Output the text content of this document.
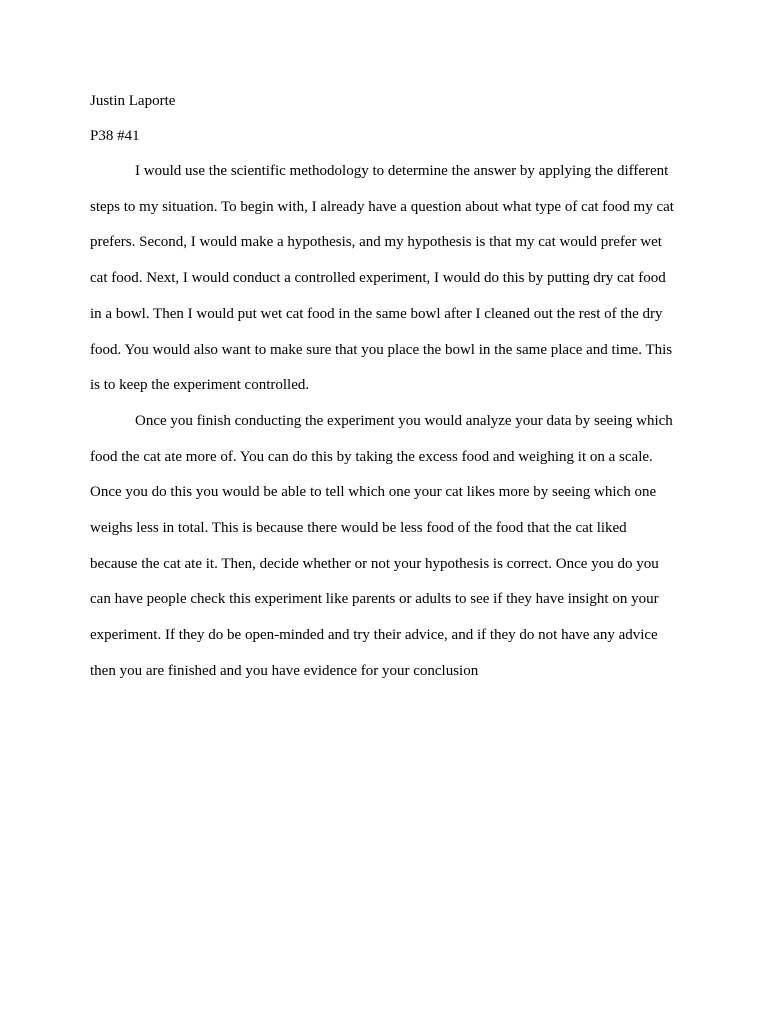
Justin Laporte

P38 #41

I would use the scientific methodology to determine the answer by applying the different
steps to my situation. To begin with, I already have a question about what type of cat food my cat
prefers. Second, I would make a hypothesis, and my hypothesis is that my cat would prefer wet
cat food. Next, I would conduct a controlled experiment, I would do this by putting dry cat food
in a bowl. Then I would put wet cat food in the same bowl after I cleaned out the rest of the dry
food. You would also want to make sure that you place the bowl in the same place and time. This
is to keep the experiment controlled.

Once you finish conducting the experiment you would analyze your data by seeing which
food the cat ate more of. You can do this by taking the excess food and weighing it on a scale.
Once you do this you would be able to tell which one your cat likes more by seeing which one
weighs less in total. This is because there would be less food of the food that the cat liked
because the cat ate it. Then, decide whether or not your hypothesis is correct. Once you do you
can have people check this experiment like parents or adults to see if they have insight on your
experiment. If they do be open-minded and try their advice, and if they do not have any advice
then you are finished and you have evidence for your conclusion
